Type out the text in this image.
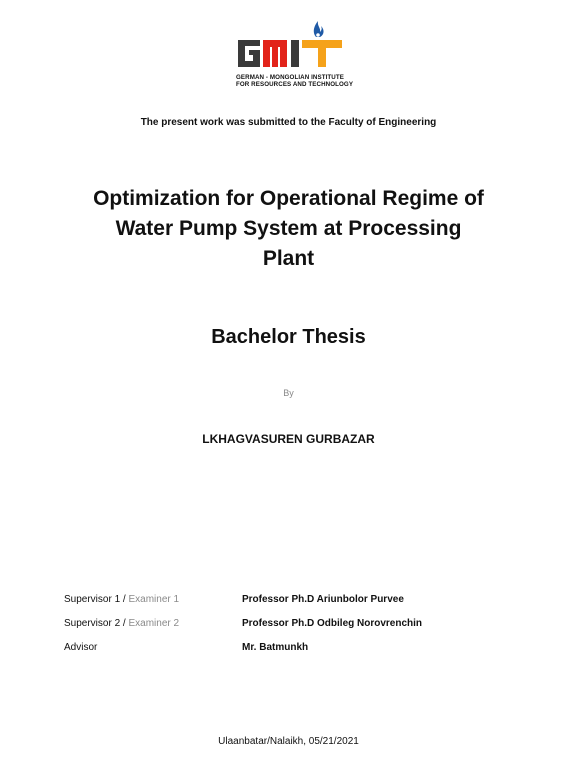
GERMAN - MONGOLIAN INSTITUTE
FOR RESOURCES AND TECHNOLOGY
The present work was submitted to the Faculty of Engineering
Optimization for Operational Regime of
Water Pump System at Processing
Plant
Bachelor Thesis
By
LKHAGVASUREN GURBAZAR
Supervisor 1 / Examiner 1	Professor Ph.D Ariunbolor Purvee
Supervisor 2 / Examiner 2	Professor Ph.D Odbileg Norovrenchin
Advisor	Mr. Batmunkh
Ulaanbatar/Nalaikh, 05/21/2021
